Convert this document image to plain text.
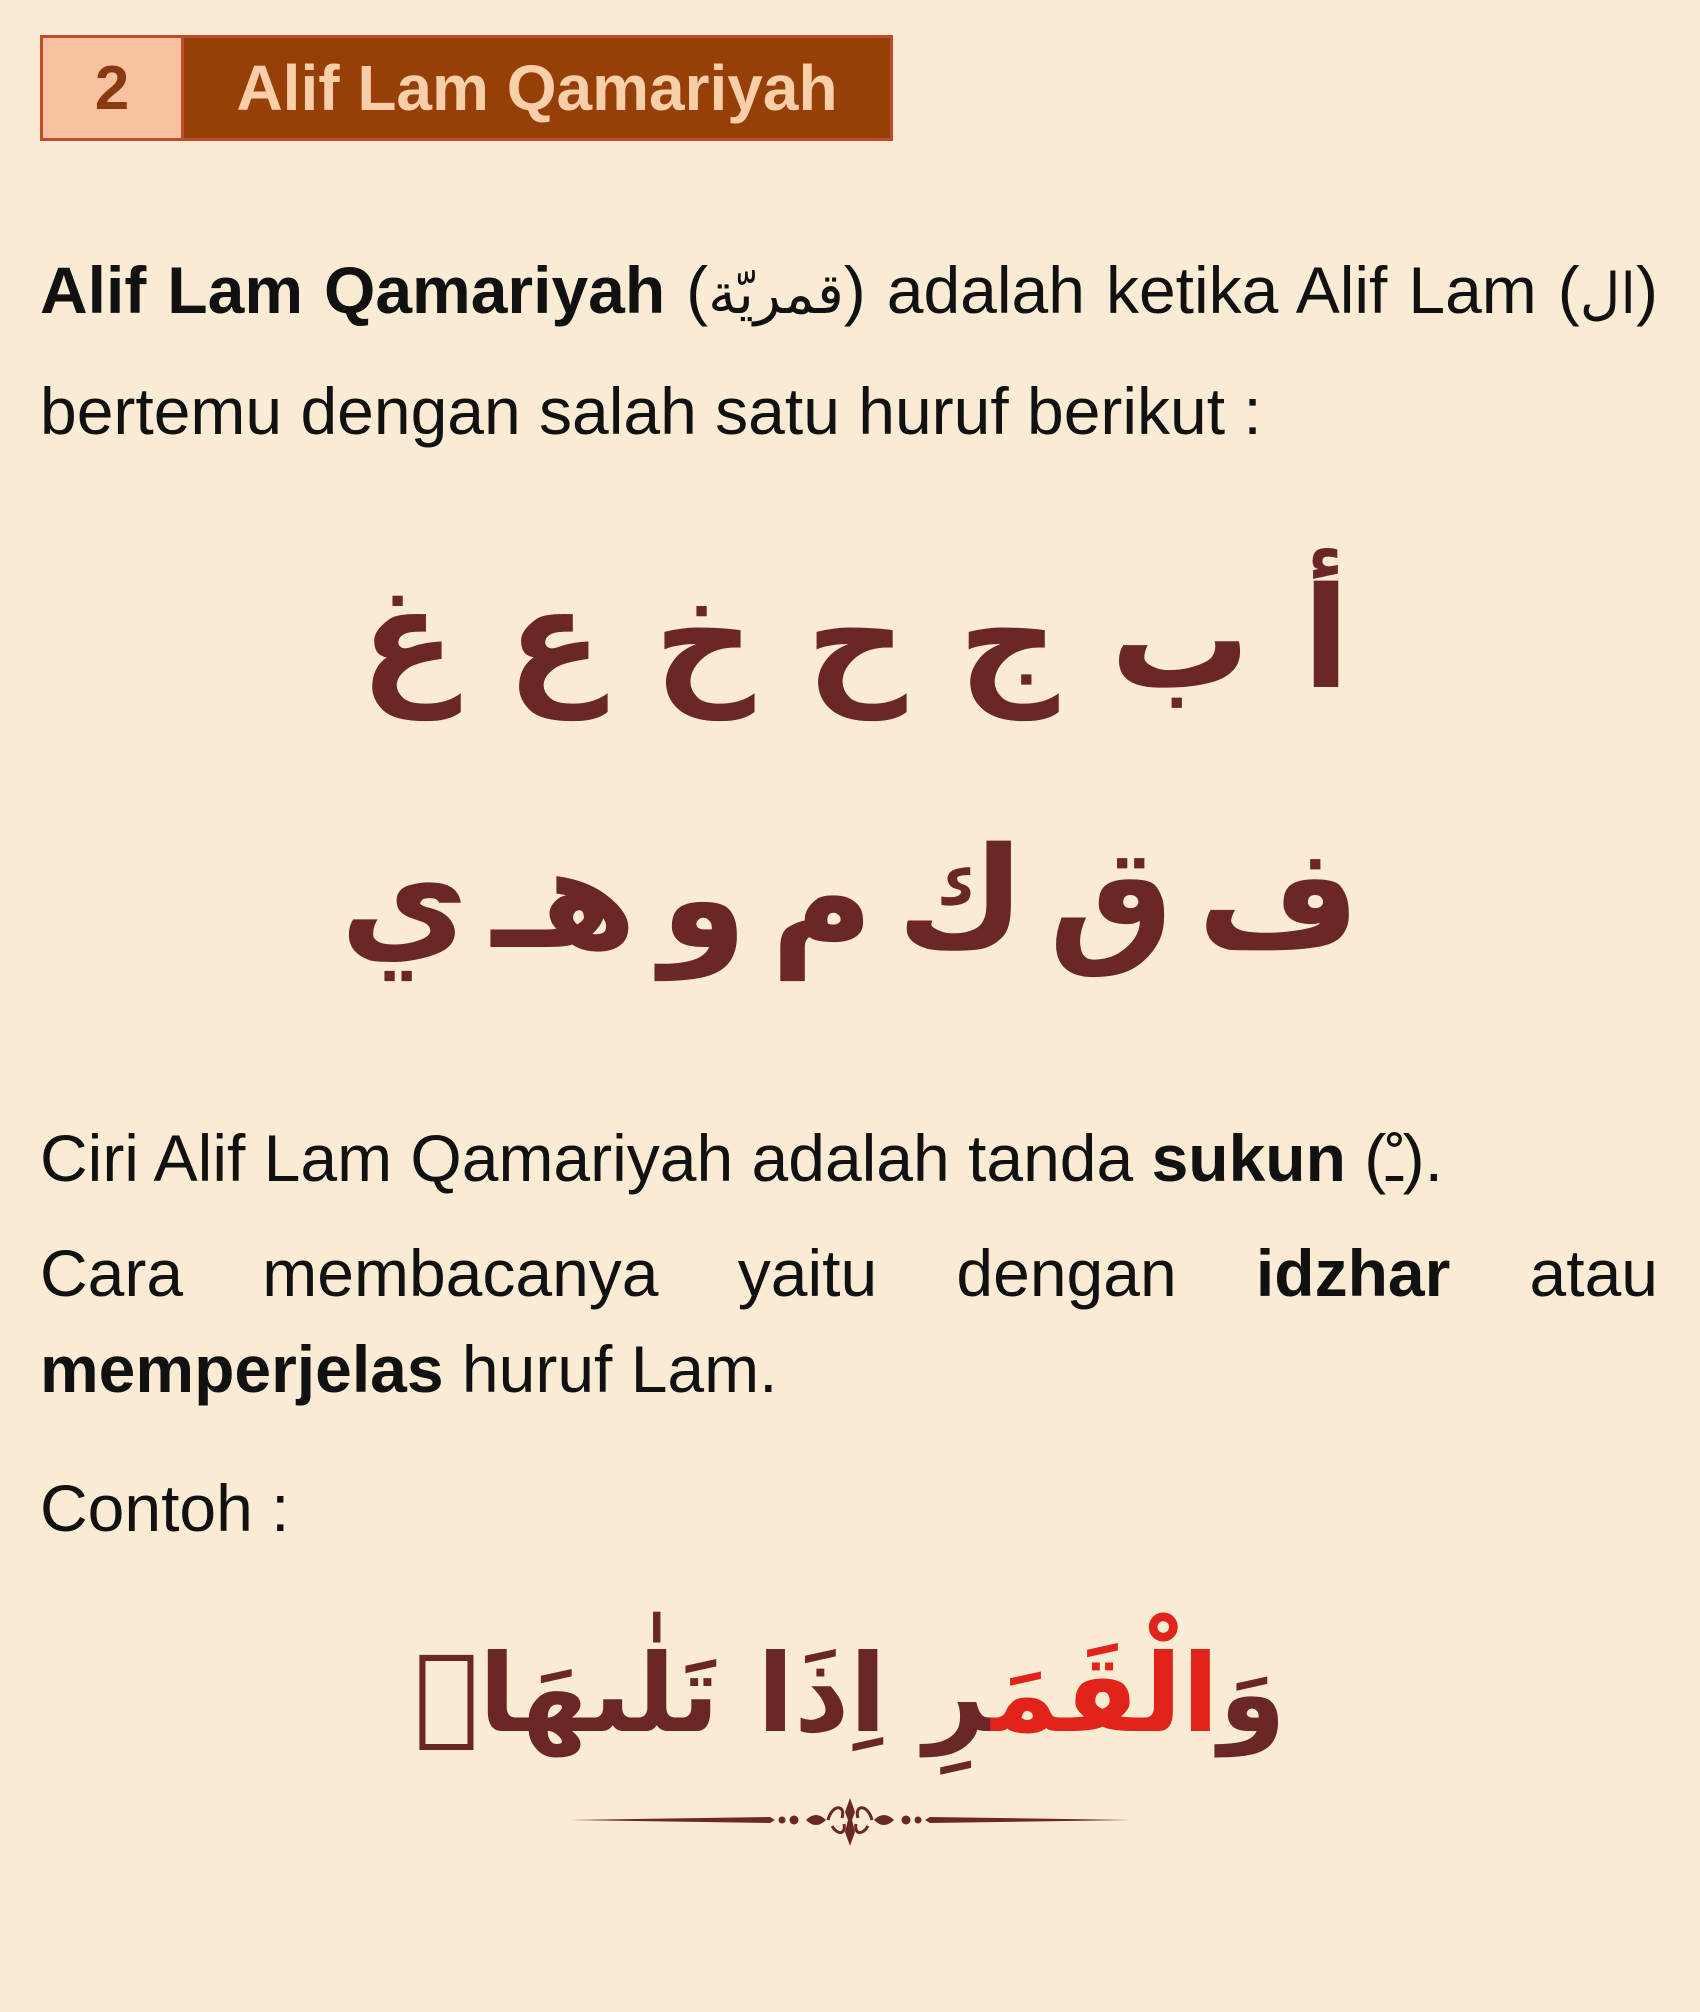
2	Alif Lam Qamariyah
Alif Lam Qamariyah (قمريّة) adalah ketika Alif Lam (ال) bertemu dengan salah satu huruf berikut :
أ
ب
ج
ح
خ
ع
غ
ف
ق
ك
م
و
هـ
ي
Ciri Alif Lam Qamariyah adalah tanda sukun (ـْ).
Cara membacanya yaitu dengan idzhar atau memperjelas huruf Lam.
Contoh :
وَالْقَمَرِ اِذَا تَلٰىهَا
